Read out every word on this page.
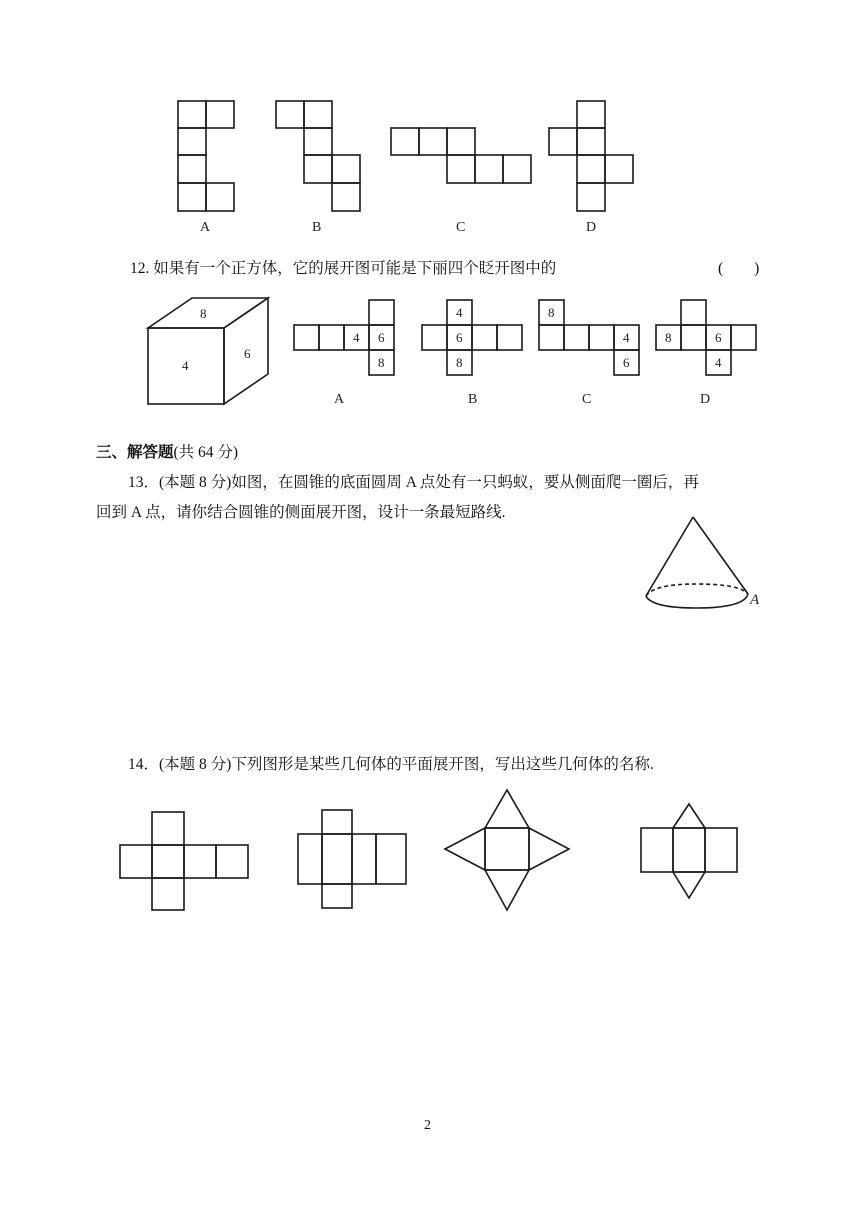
A	B	C	D
12. 如果有一个正方体，它的展开图可能是下丽四个眨开图中的	(　　)
8
4
6
4 6
8
A
4
6
8
B
8
4
6
C
8	6
4
D
三、解答题(共 64 分)
13．(本题 8 分)如图，在圆锥的底面圆周 A 点处有一只蚂蚁，要从侧面爬一圈后，再
回到 A 点，请你结合圆锥的侧面展开图，设计一条最短路线.
A
14．(本题 8 分)下列图形是某些几何体的平面展开图，写出这些几何体的名称.
2
